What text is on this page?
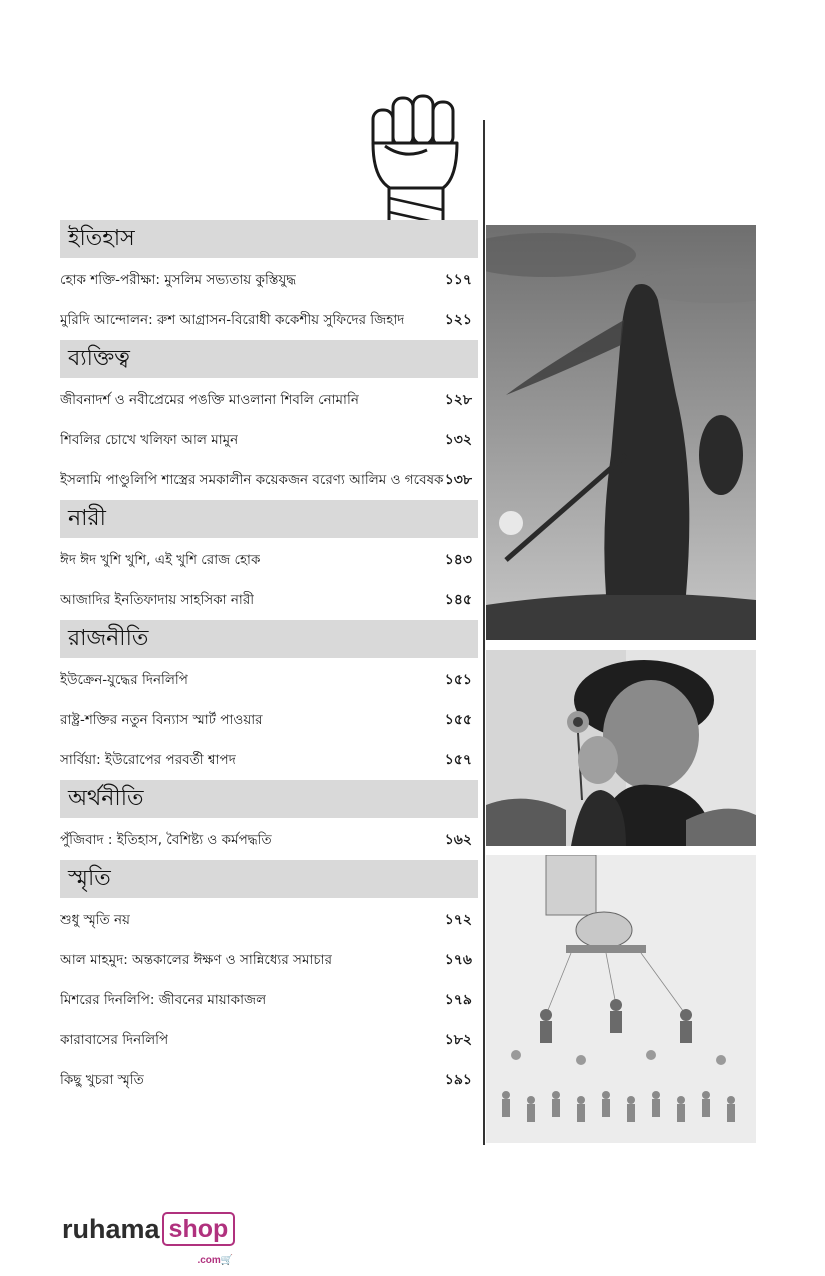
ইতিহাস
হোক শক্তি-পরীক্ষা: মুসলিম সভ্যতায় কুস্তিযুদ্ধ	১১৭
মুরিদি আন্দোলন: রুশ আগ্রাসন-বিরোধী ককেশীয় সুফিদের জিহাদ	১২১
ব্যক্তিত্ব
জীবনাদর্শ ও নবীপ্রেমের পঙক্তি মাওলানা শিবলি নোমানি	১২৮
শিবলির চোখে খলিফা আল মামুন	১৩২
ইসলামি পাণ্ডুলিপি শাস্ত্রের সমকালীন কয়েকজন বরেণ্য আলিম ও গবেষক ১৩৮
নারী
ঈদ ঈদ খুশি খুশি, এই খুশি রোজ হোক	১৪৩
আজাদির ইনতিফাদায় সাহসিকা নারী	১৪৫
রাজনীতি
ইউক্রেন-যুদ্ধের দিনলিপি	১৫১
রাষ্ট্র-শক্তির নতুন বিন্যাস স্মার্ট পাওয়ার	১৫৫
সার্বিয়া: ইউরোপের পরবর্তী শ্বাপদ	১৫৭
অর্থনীতি
পুঁজিবাদ : ইতিহাস, বৈশিষ্ট্য ও কর্মপদ্ধতি	১৬২
স্মৃতি
শুধু স্মৃতি নয়	১৭২
আল মাহমুদ: অন্তকালের ঈক্ষণ ও সান্নিধ্যের সমাচার	১৭৬
মিশরের দিনলিপি: জীবনের মায়াকাজল	১৭৯
কারাবাসের দিনলিপি	১৮২
কিছু খুচরা স্মৃতি	১৯১
ruhama shop
.com🛒
